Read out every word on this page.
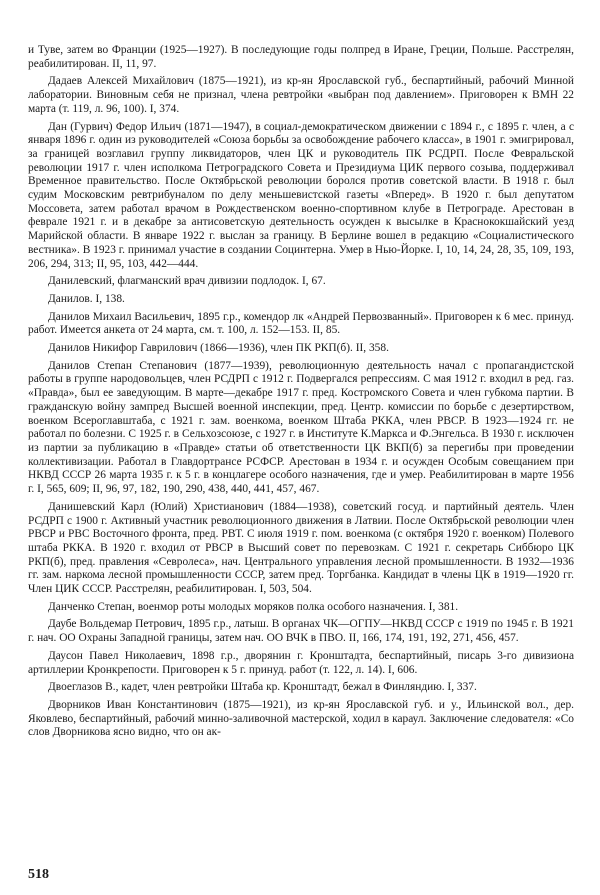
и Туве, затем во Франции (1925—1927). В последующие годы полпред в Иране, Греции, Польше. Расстрелян, реабилитирован. II, 11, 97.

Дадаев Алексей Михайлович (1875—1921), из кр-ян Ярославской губ., беспартийный, рабочий Минной лаборатории. Виновным себя не признал, члена ревтройки «выбран под давлением». Приговорен к ВМН 22 марта (т. 119, л. 96, 100). I, 374.

Дан (Гурвич) Федор Ильич (1871—1947), в социал-демократическом движении с 1894 г., с 1895 г. член, а с января 1896 г. один из руководителей «Союза борьбы за освобождение рабочего класса», в 1901 г. эмигрировал, за границей возглавил группу ликвидаторов, член ЦК и руководитель ПК РСДРП. После Февральской революции 1917 г. член исполкома Петроградского Совета и Президиума ЦИК первого созыва, поддерживал Временное правительство. После Октябрьской революции боролся против советской власти. В 1918 г. был судим Московским ревтрибуналом по делу меньшевистской газеты «Вперед». В 1920 г. был депутатом Моссовета, затем работал врачом в Рождественском военно-спортивном клубе в Петрограде. Арестован в феврале 1921 г. и в декабре за антисоветскую деятельность осужден к высылке в Краснококшайский уезд Марийской области. В январе 1922 г. выслан за границу. В Берлине вошел в редакцию «Социалистического вестника». В 1923 г. принимал участие в создании Социнтерна. Умер в Нью-Йорке. I, 10, 14, 24, 28, 35, 109, 193, 206, 294, 313; II, 95, 103, 442—444.

Данилевский, флагманский врач дивизии подлодок. I, 67.

Данилов. I, 138.

Данилов Михаил Васильевич, 1895 г.р., комендор лк «Андрей Первозванный». Приговорен к 6 мес. принуд. работ. Имеется анкета от 24 марта, см. т. 100, л. 152—153. II, 85.

Данилов Никифор Гаврилович (1866—1936), член ПК РКП(б). II, 358.

Данилов Степан Степанович (1877—1939), революционную деятельность начал с пропагандистской работы в группе народовольцев, член РСДРП с 1912 г. Подвергался репрессиям. С мая 1912 г. входил в ред. газ. «Правда», был ее заведующим. В марте—декабре 1917 г. пред. Костромского Совета и член губкома партии. В гражданскую войну зампред Высшей военной инспекции, пред. Центр. комиссии по борьбе с дезертирством, военком Всероглавштаба, с 1921 г. зам. военкома, военком Штаба РККА, член РВСР. В 1923—1924 гг. не работал по болезни. С 1925 г. в Сельхозсоюзе, с 1927 г. в Институте К.Маркса и Ф.Энгельса. В 1930 г. исключен из партии за публикацию в «Правде» статьи об ответственности ЦК ВКП(б) за перегибы при проведении коллективизации. Работал в Главдортрансе РСФСР. Арестован в 1934 г. и осужден Особым совещанием при НКВД СССР 26 марта 1935 г. к 5 г. в концлагере особого назначения, где и умер. Реабилитирован в марте 1956 г. I, 565, 609; II, 96, 97, 182, 190, 290, 438, 440, 441, 457, 467.

Данишевский Карл (Юлий) Христианович (1884—1938), советский госуд. и партийный деятель. Член РСДРП с 1900 г. Активный участник революционного движения в Латвии. После Октябрьской революции член РВСР и РВС Восточного фронта, пред. РВТ. С июля 1919 г. пом. военкома (с октября 1920 г. военком) Полевого штаба РККА. В 1920 г. входил от РВСР в Высший совет по перевозкам. С 1921 г. секретарь Сиббюро ЦК РКП(б), пред. правления «Севролеса», нач. Центрального управления лесной промышленности. В 1932—1936 гг. зам. наркома лесной промышленности СССР, затем пред. Торгбанка. Кандидат в члены ЦК в 1919—1920 гг. Член ЦИК СССР. Расстрелян, реабилитирован. I, 503, 504.

Данченко Степан, военмор роты молодых моряков полка особого назначения. I, 381.

Даубе Вольдемар Петрович, 1895 г.р., латыш. В органах ЧК—ОГПУ—НКВД СССР с 1919 по 1945 г. В 1921 г. нач. ОО Охраны Западной границы, затем нач. ОО ВЧК в ПВО. II, 166, 174, 191, 192, 271, 456, 457.

Даусон Павел Николаевич, 1898 г.р., дворянин г. Кронштадта, беспартийный, писарь 3-го дивизиона артиллерии Кронкрепости. Приговорен к 5 г. принуд. работ (т. 122, л. 14). I, 606.

Двоеглазов В., кадет, член ревтройки Штаба кр. Кронштадт, бежал в Финляндию. I, 337.

Дворников Иван Константинович (1875—1921), из кр-ян Ярославской губ. и у., Ильинской вол., дер. Яковлево, беспартийный, рабочий минно-заливочной мастерской, ходил в караул. Заключение следователя: «Со слов Дворникова ясно видно, что он ак-

518
